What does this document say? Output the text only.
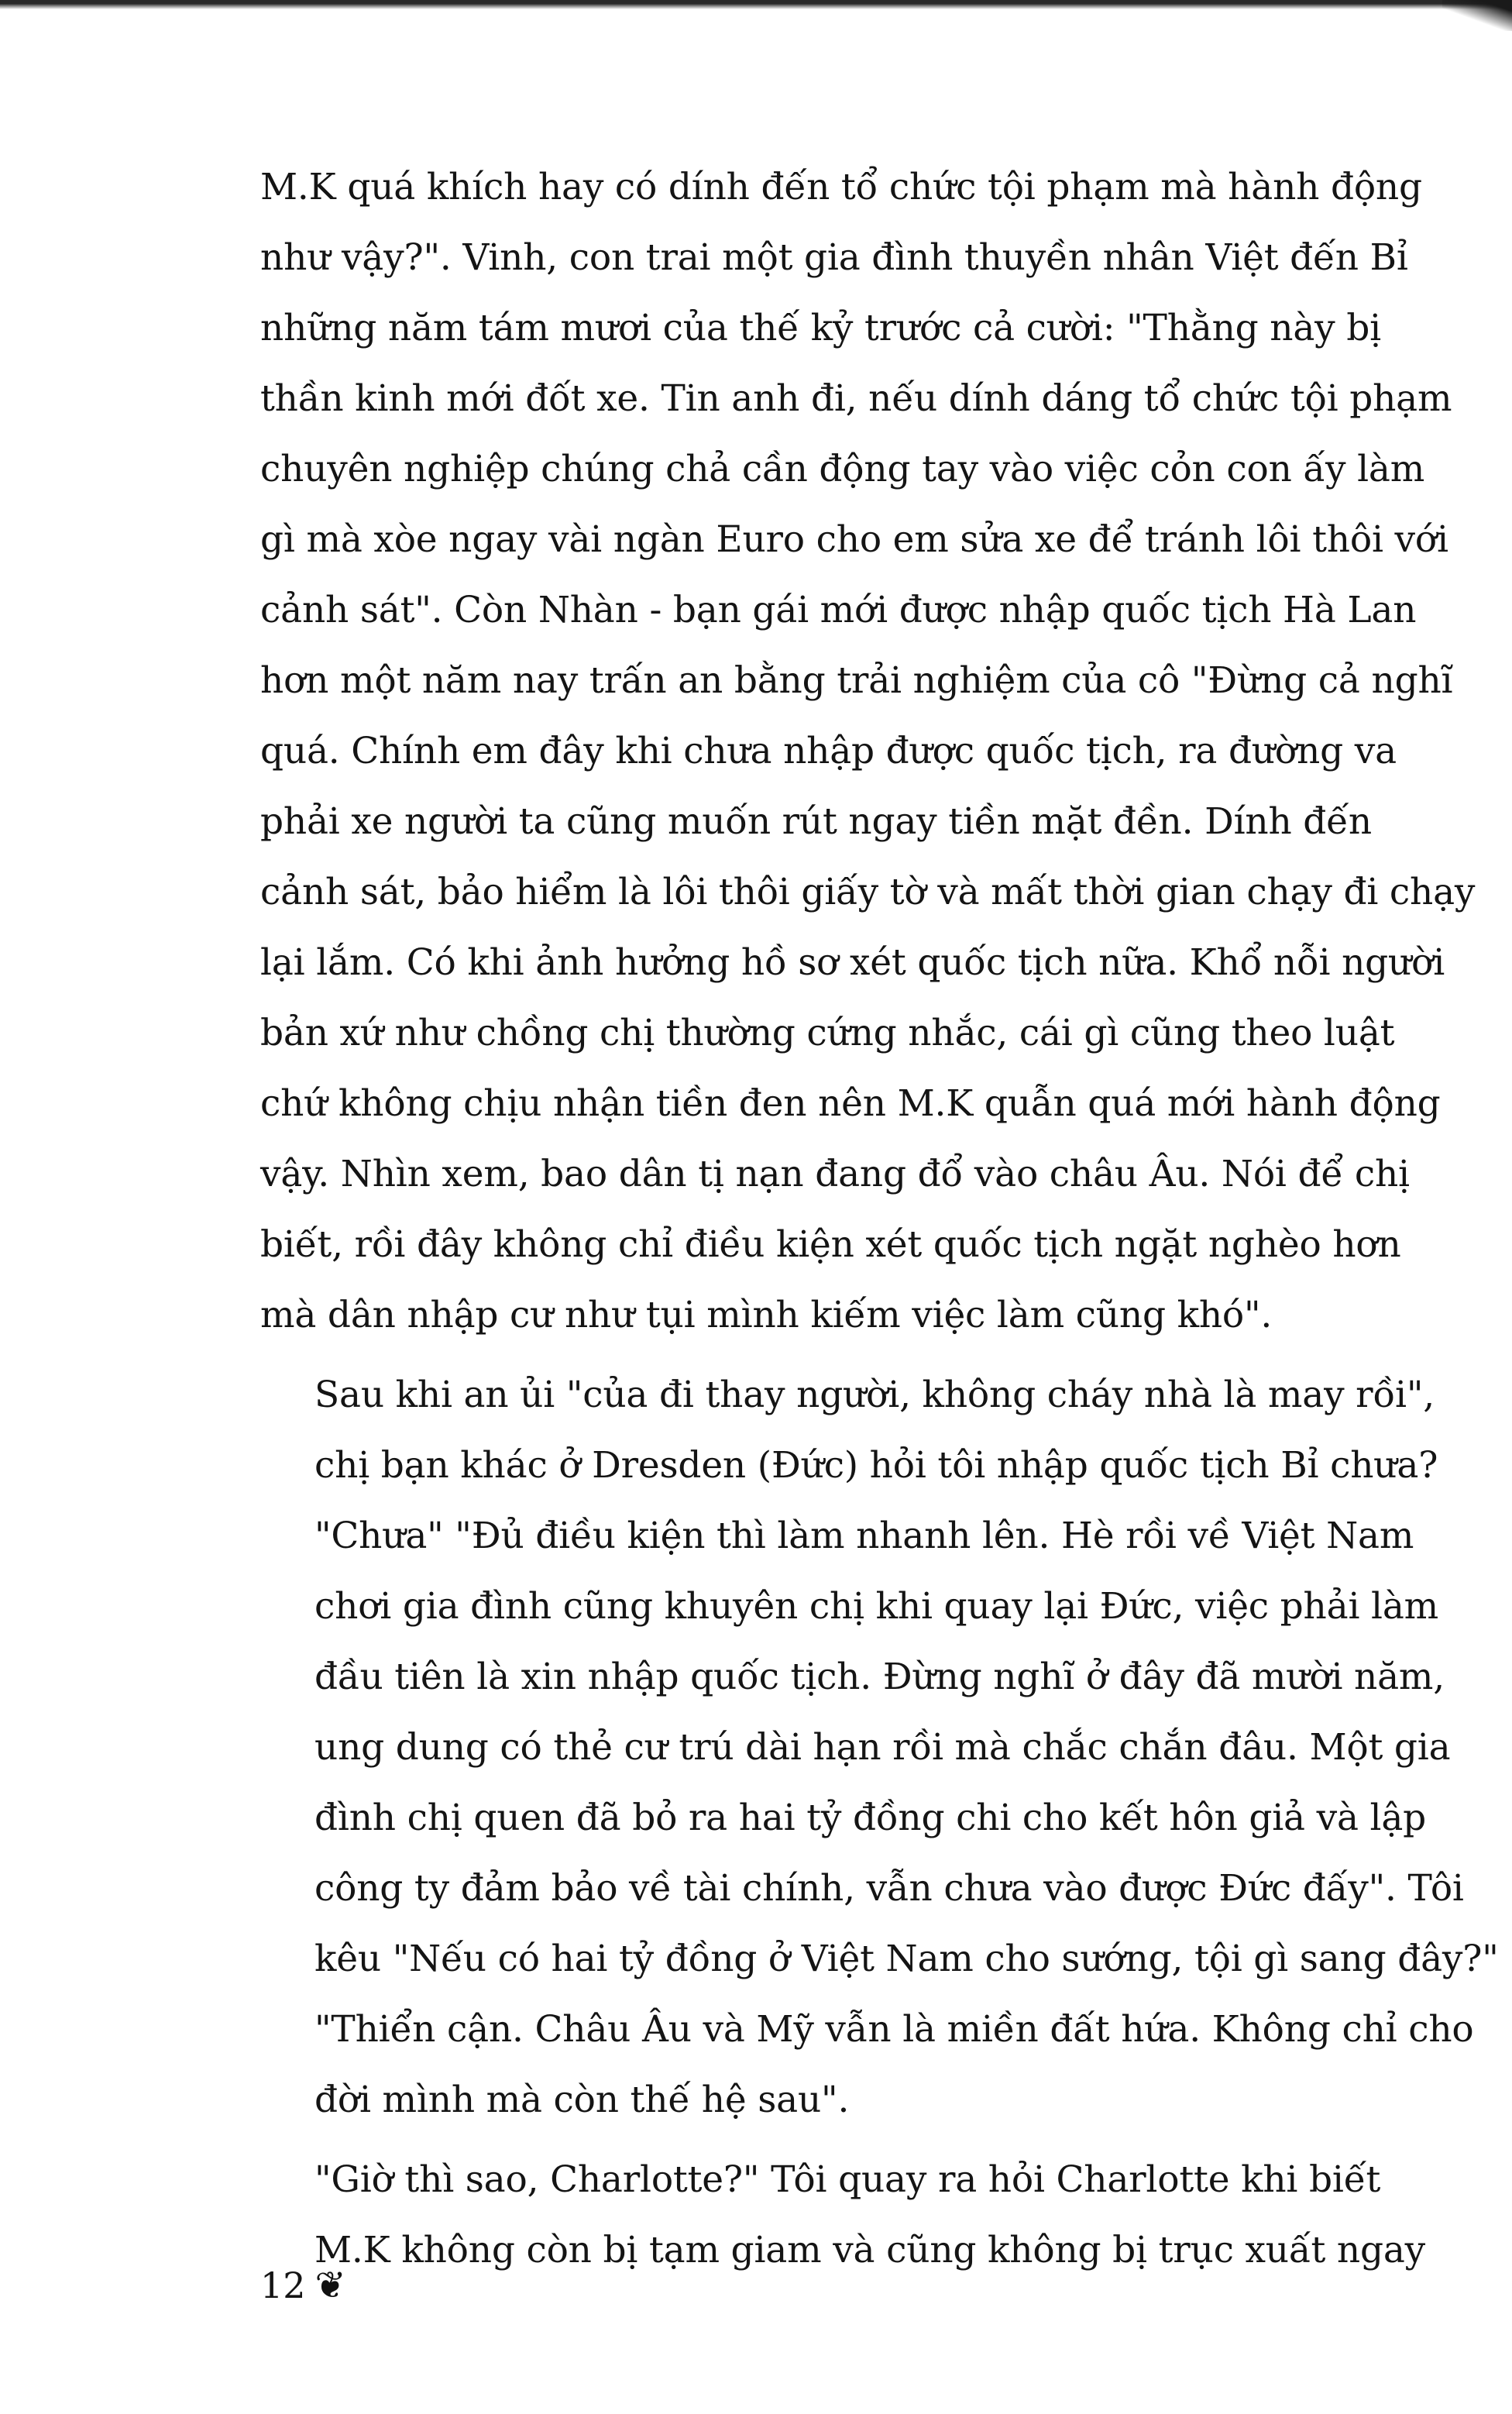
M.K quá khích hay có dính đến tổ chức tội phạm mà hành động
như vậy?". Vinh, con trai một gia đình thuyền nhân Việt đến Bỉ
những năm tám mươi của thế kỷ trước cả cười: "Thằng này bị
thần kinh mới đốt xe. Tin anh đi, nếu dính dáng tổ chức tội phạm
chuyên nghiệp chúng chả cần động tay vào việc cỏn con ấy làm
gì mà xòe ngay vài ngàn Euro cho em sửa xe để tránh lôi thôi với
cảnh sát". Còn Nhàn - bạn gái mới được nhập quốc tịch Hà Lan
hơn một năm nay trấn an bằng trải nghiệm của cô "Đừng cả nghĩ
quá. Chính em đây khi chưa nhập được quốc tịch, ra đường va
phải xe người ta cũng muốn rút ngay tiền mặt đền. Dính đến
cảnh sát, bảo hiểm là lôi thôi giấy tờ và mất thời gian chạy đi chạy
lại lắm. Có khi ảnh hưởng hồ sơ xét quốc tịch nữa. Khổ nỗi người
bản xứ như chồng chị thường cứng nhắc, cái gì cũng theo luật
chứ không chịu nhận tiền đen nên M.K quẫn quá mới hành động
vậy. Nhìn xem, bao dân tị nạn đang đổ vào châu Âu. Nói để chị
biết, rồi đây không chỉ điều kiện xét quốc tịch ngặt nghèo hơn
mà dân nhập cư như tụi mình kiếm việc làm cũng khó".

Sau khi an ủi "của đi thay người, không cháy nhà là may rồi",
chị bạn khác ở Dresden (Đức) hỏi tôi nhập quốc tịch Bỉ chưa?
"Chưa" "Đủ điều kiện thì làm nhanh lên. Hè rồi về Việt Nam
chơi gia đình cũng khuyên chị khi quay lại Đức, việc phải làm
đầu tiên là xin nhập quốc tịch. Đừng nghĩ ở đây đã mười năm,
ung dung có thẻ cư trú dài hạn rồi mà chắc chắn đâu. Một gia
đình chị quen đã bỏ ra hai tỷ đồng chi cho kết hôn giả và lập
công ty đảm bảo về tài chính, vẫn chưa vào được Đức đấy". Tôi
kêu "Nếu có hai tỷ đồng ở Việt Nam cho sướng, tội gì sang đây?"
"Thiển cận. Châu Âu và Mỹ vẫn là miền đất hứa. Không chỉ cho
đời mình mà còn thế hệ sau".

"Giờ thì sao, Charlotte?" Tôi quay ra hỏi Charlotte khi biết
M.K không còn bị tạm giam và cũng không bị trục xuất ngay

12 ❦
